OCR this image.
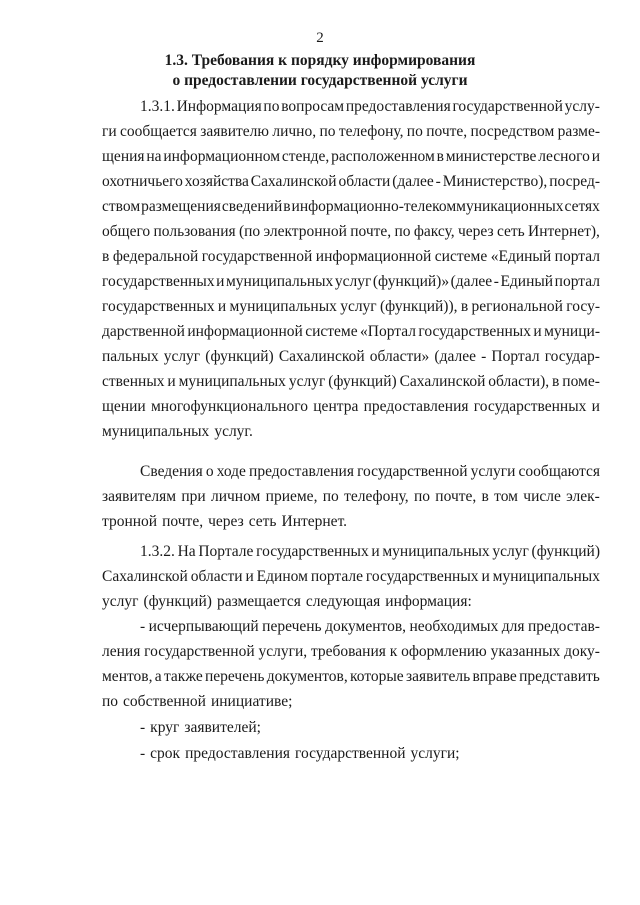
2
1.3. Требования к порядку информирования
о предоставлении государственной услуги
1.3.1. Информация по вопросам предоставления государственной услу-
ги сообщается заявителю лично, по телефону, по почте, посредством разме-
щения на информационном стенде, расположенном в министерстве лесного и
охотничьего хозяйства Сахалинской области (далее - Министерство), посред-
ством размещения сведений в информационно-телекоммуникационных сетях
общего пользования (по электронной почте, по факсу, через сеть Интернет),
в федеральной государственной информационной системе «Единый портал
государственных и муниципальных услуг (функций)» (далее - Единый портал
государственных и муниципальных услуг (функций)), в региональной госу-
дарственной информационной системе «Портал государственных и муници-
пальных услуг (функций) Сахалинской области» (далее - Портал государ-
ственных и муниципальных услуг (функций) Сахалинской области), в поме-
щении многофункционального центра предоставления государственных и
муниципальных услуг.
Сведения о ходе предоставления государственной услуги сообщаются
заявителям при личном приеме, по телефону, по почте, в том числе элек-
тронной почте, через сеть Интернет.
1.3.2. На Портале государственных и муниципальных услуг (функций)
Сахалинской области и Едином портале государственных и муниципальных
услуг (функций) размещается следующая информация:
- исчерпывающий перечень документов, необходимых для предостав-
ления государственной услуги, требования к оформлению указанных доку-
ментов, а также перечень документов, которые заявитель вправе представить
по собственной инициативе;
- круг заявителей;
- срок предоставления государственной услуги;
